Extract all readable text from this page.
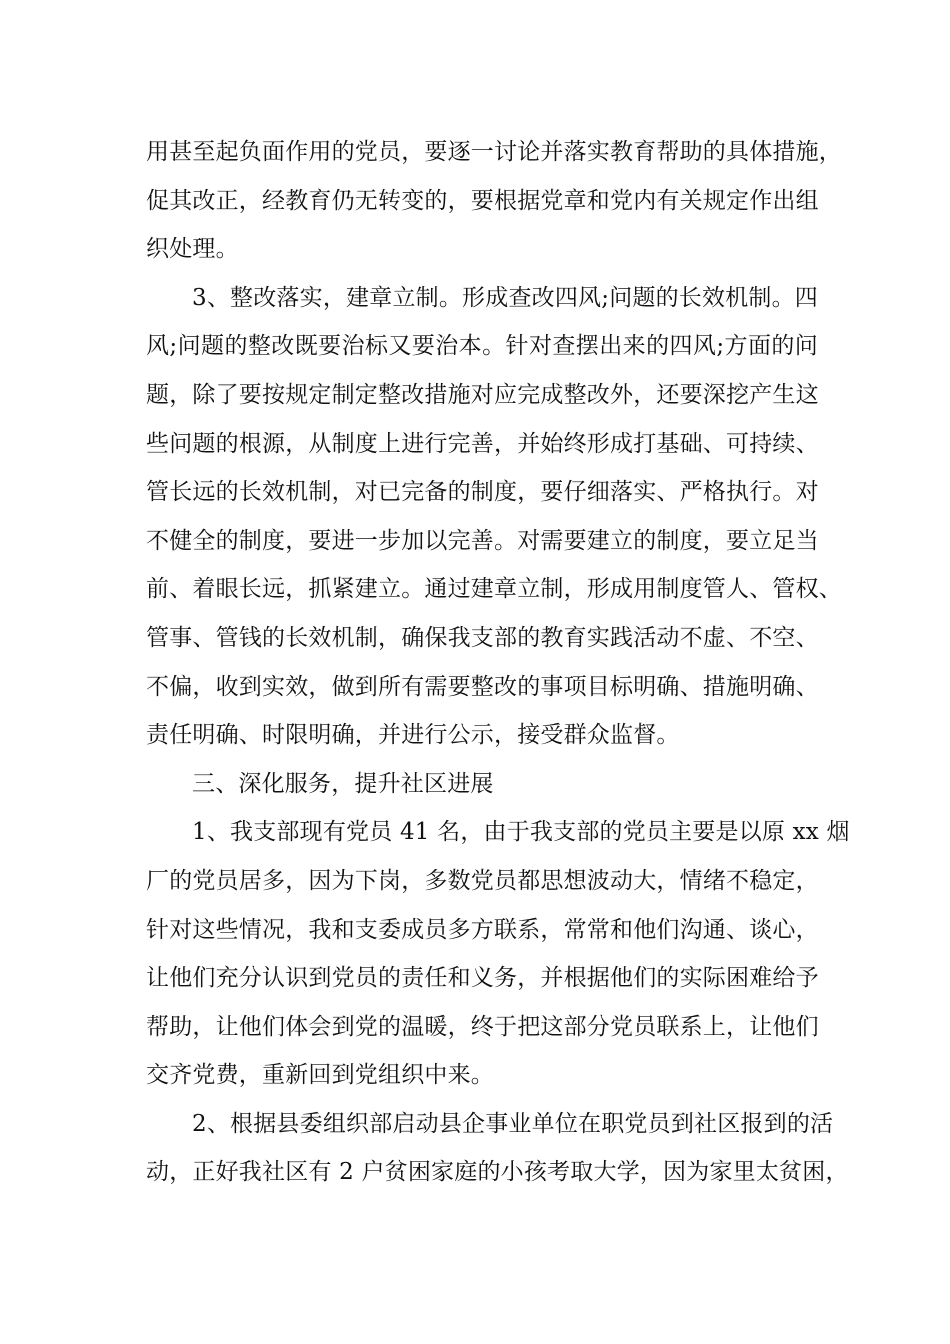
用甚至起负面作用的党员，要逐一讨论并落实教育帮助的具体措施，
促其改正，经教育仍无转变的，要根据党章和党内有关规定作出组
织处理。
3、整改落实，建章立制。形成查改四风;问题的长效机制。四
风;问题的整改既要治标又要治本。针对查摆出来的四风;方面的问
题，除了要按规定制定整改措施对应完成整改外，还要深挖产生这
些问题的根源，从制度上进行完善，并始终形成打基础、可持续、
管长远的长效机制，对已完备的制度，要仔细落实、严格执行。对
不健全的制度，要进一步加以完善。对需要建立的制度，要立足当
前、着眼长远，抓紧建立。通过建章立制，形成用制度管人、管权、
管事、管钱的长效机制，确保我支部的教育实践活动不虚、不空、
不偏，收到实效，做到所有需要整改的事项目标明确、措施明确、
责任明确、时限明确，并进行公示，接受群众监督。
三、深化服务，提升社区进展
1、我支部现有党员 41 名，由于我支部的党员主要是以原 xx 烟
厂的党员居多，因为下岗，多数党员都思想波动大，情绪不稳定，
针对这些情况，我和支委成员多方联系，常常和他们沟通、谈心，
让他们充分认识到党员的责任和义务，并根据他们的实际困难给予
帮助，让他们体会到党的温暖，终于把这部分党员联系上，让他们
交齐党费，重新回到党组织中来。
2、根据县委组织部启动县企事业单位在职党员到社区报到的活
动，正好我社区有 2 户贫困家庭的小孩考取大学，因为家里太贫困，
